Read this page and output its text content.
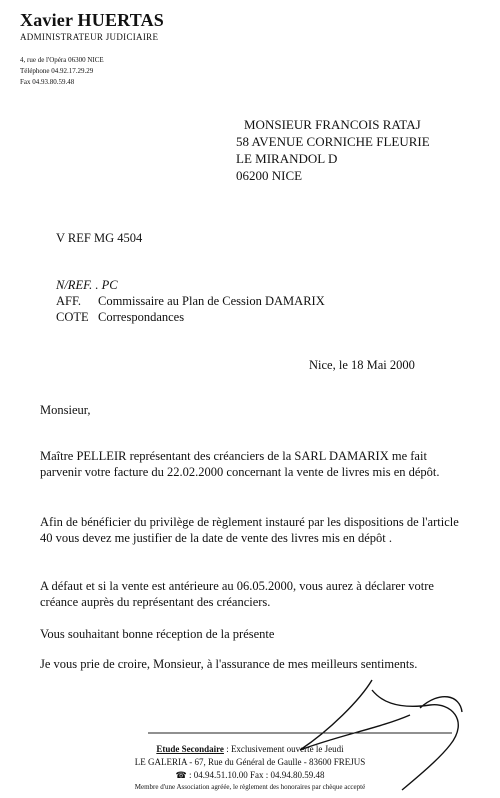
Xavier HUERTAS
ADMINISTRATEUR JUDICIAIRE
4, rue de l'Opéra 06300 NICE
Téléphone 04.92.17.29.29
Fax 04.93.80.59.48
MONSIEUR FRANCOIS RATAJ
58 AVENUE CORNICHE FLEURIE
LE MIRANDOL D
06200 NICE
V REF MG 4504
N/REF. . PC
AFF. Commissaire au Plan de Cession DAMARIX
COTE Correspondances
Nice, le 18 Mai 2000
Monsieur,
Maître PELLEIR représentant des créanciers de la SARL DAMARIX me fait parvenir votre facture du 22.02.2000 concernant la vente de livres mis en dépôt.
Afin de bénéficier du privilège de règlement instauré par les dispositions de l'article 40 vous devez me justifier de la date de vente des livres mis en dépôt .
A défaut et si la vente est antérieure au 06.05.2000, vous aurez à déclarer votre créance auprès du représentant des créanciers.
Vous souhaitant bonne réception de la présente
Je vous prie de croire, Monsieur, à l'assurance de mes meilleurs sentiments.
Etude Secondaire : Exclusivement ouverte le Jeudi
LE GALERIA - 67, Rue du Général de Gaulle - 83600 FREJUS
☎ : 04.94.51.10.00 Fax : 04.94.80.59.48
Membre d'une Association agréée, le règlement des honoraires par chèque accepté
